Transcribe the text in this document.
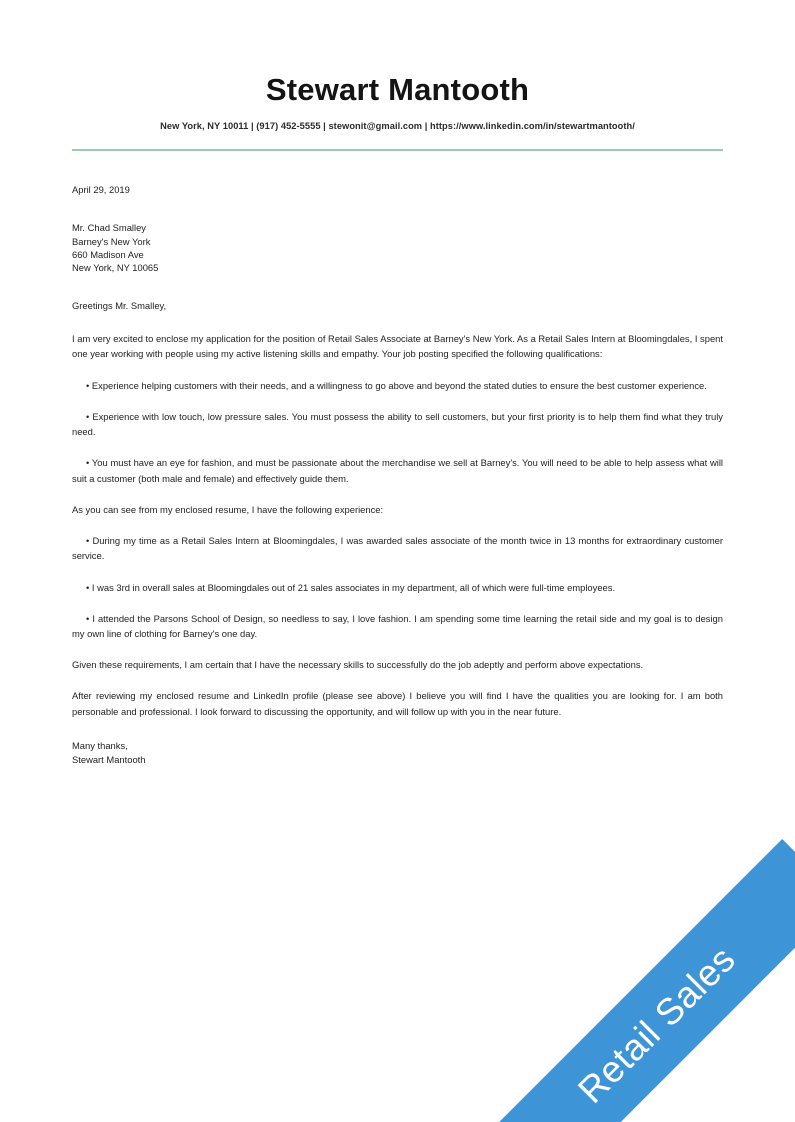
Stewart Mantooth
New York, NY 10011 | (917) 452-5555 | stewonit@gmail.com | https://www.linkedin.com/in/stewartmantooth/
April 29, 2019
Mr. Chad Smalley
Barney's New York
660 Madison Ave
New York, NY 10065
Greetings Mr. Smalley,

I am very excited to enclose my application for the position of Retail Sales Associate at Barney's New York. As a Retail Sales Intern at Bloomingdales, I spent one year working with people using my active listening skills and empathy. Your job posting specified the following qualifications:

• Experience helping customers with their needs, and a willingness to go above and beyond the stated duties to ensure the best customer experience.

• Experience with low touch, low pressure sales. You must possess the ability to sell customers, but your first priority is to help them find what they truly need.

• You must have an eye for fashion, and must be passionate about the merchandise we sell at Barney's. You will need to be able to help assess what will suit a customer (both male and female) and effectively guide them.

As you can see from my enclosed resume, I have the following experience:

• During my time as a Retail Sales Intern at Bloomingdales, I was awarded sales associate of the month twice in 13 months for extraordinary customer service.

• I was 3rd in overall sales at Bloomingdales out of 21 sales associates in my department, all of which were full-time employees.

• I attended the Parsons School of Design, so needless to say, I love fashion. I am spending some time learning the retail side and my goal is to design my own line of clothing for Barney's one day.

Given these requirements, I am certain that I have the necessary skills to successfully do the job adeptly and perform above expectations.

After reviewing my enclosed resume and LinkedIn profile (please see above) I believe you will find I have the qualities you are looking for. I am both personable and professional. I look forward to discussing the opportunity, and will follow up with you in the near future.

Many thanks,
Stewart Mantooth
Retail Sales
